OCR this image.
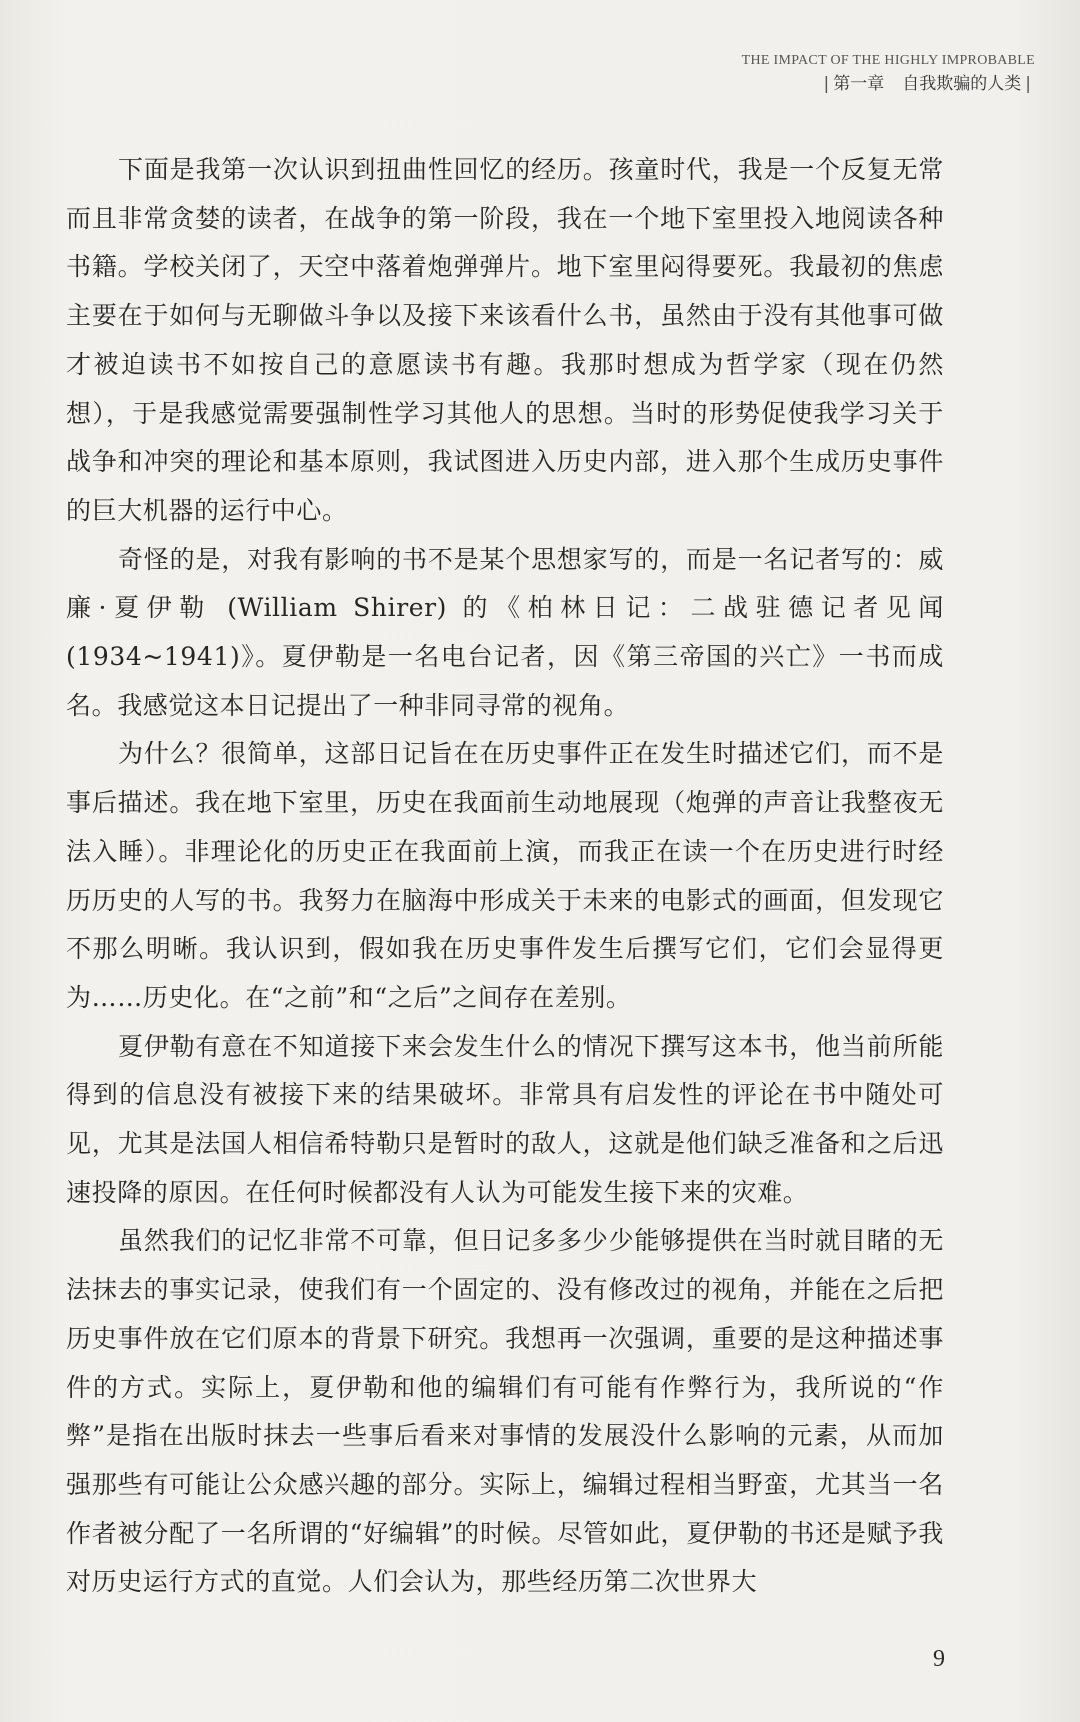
THE IMPACT OF THE HIGHLY IMPROBABLE
| 第一章 自我欺骗的人类 |

下面是我第一次认识到扭曲性回忆的经历。孩童时代，我是一个反复无常而且非常贪婪的读者，在战争的第一阶段，我在一个地下室里投入地阅读各种书籍。学校关闭了，天空中落着炮弹弹片。地下室里闷得要死。我最初的焦虑主要在于如何与无聊做斗争以及接下来该看什么书，虽然由于没有其他事可做才被迫读书不如按自己的意愿读书有趣。我那时想成为哲学家（现在仍然想），于是我感觉需要强制性学习其他人的思想。当时的形势促使我学习关于战争和冲突的理论和基本原则，我试图进入历史内部，进入那个生成历史事件的巨大机器的运行中心。

奇怪的是，对我有影响的书不是某个思想家写的，而是一名记者写的：威廉·夏伊勒 (William Shirer) 的《柏林日记：二战驻德记者见闻 (1934~1941)》。夏伊勒是一名电台记者，因《第三帝国的兴亡》一书而成名。我感觉这本日记提出了一种非同寻常的视角。

为什么？很简单，这部日记旨在在历史事件正在发生时描述它们，而不是事后描述。我在地下室里，历史在我面前生动地展现（炮弹的声音让我整夜无法入睡）。非理论化的历史正在我面前上演，而我正在读一个在历史进行时经历历史的人写的书。我努力在脑海中形成关于未来的电影式的画面，但发现它不那么明晰。我认识到，假如我在历史事件发生后撰写它们，它们会显得更为……历史化。在“之前”和“之后”之间存在差别。

夏伊勒有意在不知道接下来会发生什么的情况下撰写这本书，他当前所能得到的信息没有被接下来的结果破坏。非常具有启发性的评论在书中随处可见，尤其是法国人相信希特勒只是暂时的敌人，这就是他们缺乏准备和之后迅速投降的原因。在任何时候都没有人认为可能发生接下来的灾难。

虽然我们的记忆非常不可靠，但日记多多少少能够提供在当时就目睹的无法抹去的事实记录，使我们有一个固定的、没有修改过的视角，并能在之后把历史事件放在它们原本的背景下研究。我想再一次强调，重要的是这种描述事件的方式。实际上，夏伊勒和他的编辑们有可能有作弊行为，我所说的“作弊”是指在出版时抹去一些事后看来对事情的发展没什么影响的元素，从而加强那些有可能让公众感兴趣的部分。实际上，编辑过程相当野蛮，尤其当一名作者被分配了一名所谓的“好编辑”的时候。尽管如此，夏伊勒的书还是赋予我对历史运行方式的直觉。人们会认为，那些经历第二次世界大

9
